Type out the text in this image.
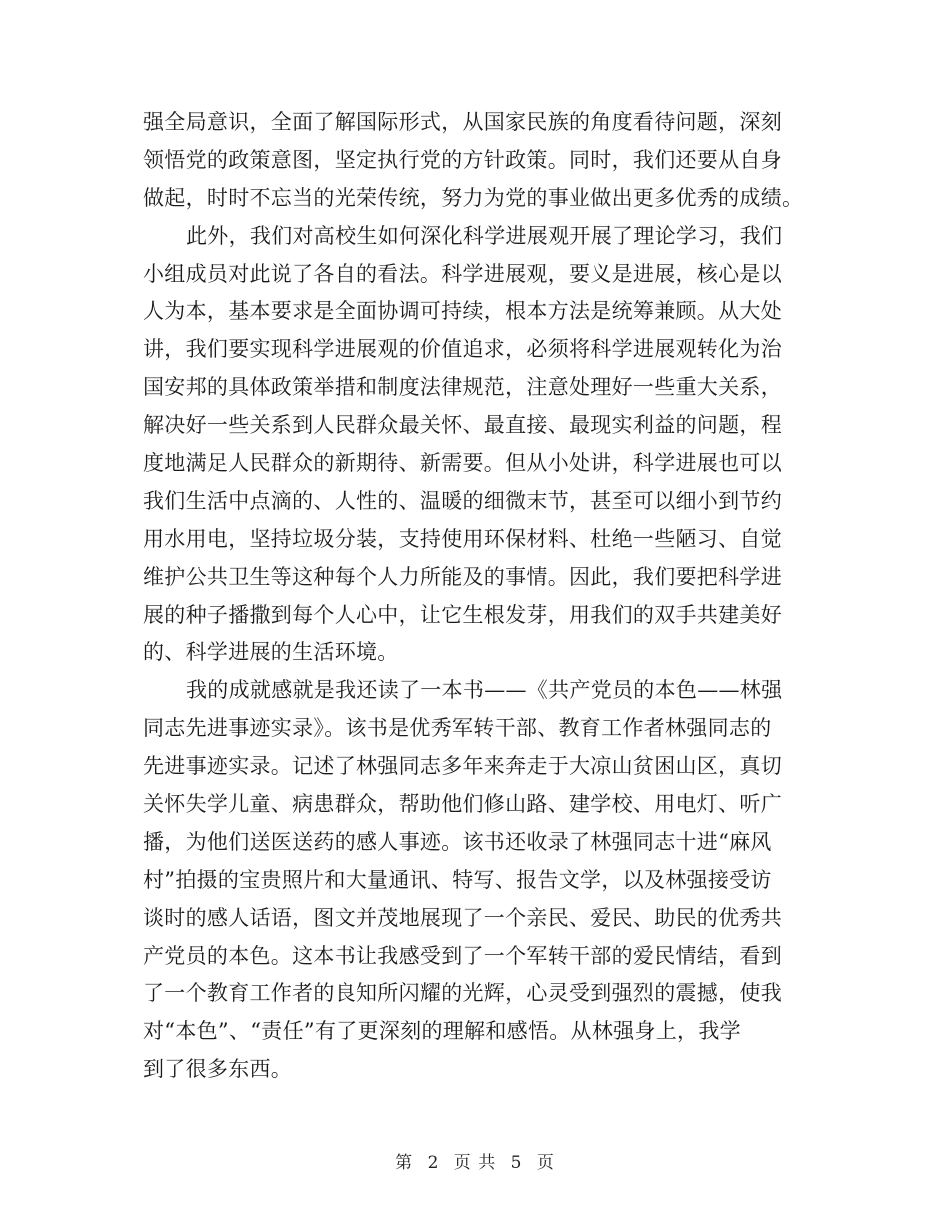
强全局意识，全面了解国际形式，从国家民族的角度看待问题，深刻
领悟党的政策意图，坚定执行党的方针政策。同时，我们还要从自身
做起，时时不忘当的光荣传统，努力为党的事业做出更多优秀的成绩。
此外，我们对高校生如何深化科学进展观开展了理论学习，我们
小组成员对此说了各自的看法。科学进展观，要义是进展，核心是以
人为本，基本要求是全面协调可持续，根本方法是统筹兼顾。从大处
讲，我们要实现科学进展观的价值追求，必须将科学进展观转化为治
国安邦的具体政策举措和制度法律规范，注意处理好一些重大关系，
解决好一些关系到人民群众最关怀、最直接、最现实利益的问题，程
度地满足人民群众的新期待、新需要。但从小处讲，科学进展也可以
我们生活中点滴的、人性的、温暖的细微末节，甚至可以细小到节约
用水用电，坚持垃圾分装，支持使用环保材料、杜绝一些陋习、自觉
维护公共卫生等这种每个人力所能及的事情。因此，我们要把科学进
展的种子播撒到每个人心中，让它生根发芽，用我们的双手共建美好
的、科学进展的生活环境。
我的成就感就是我还读了一本书——《共产党员的本色——林强
同志先进事迹实录》。该书是优秀军转干部、教育工作者林强同志的
先进事迹实录。记述了林强同志多年来奔走于大凉山贫困山区，真切
关怀失学儿童、病患群众，帮助他们修山路、建学校、用电灯、听广
播，为他们送医送药的感人事迹。该书还收录了林强同志十进“麻风
村”拍摄的宝贵照片和大量通讯、特写、报告文学，以及林强接受访
谈时的感人话语，图文并茂地展现了一个亲民、爱民、助民的优秀共
产党员的本色。这本书让我感受到了一个军转干部的爱民情结，看到
了一个教育工作者的良知所闪耀的光辉，心灵受到强烈的震撼，使我
对“本色”、“责任”有了更深刻的理解和感悟。从林强身上，我学
到了很多东西。
第 2 页 共 5 页
